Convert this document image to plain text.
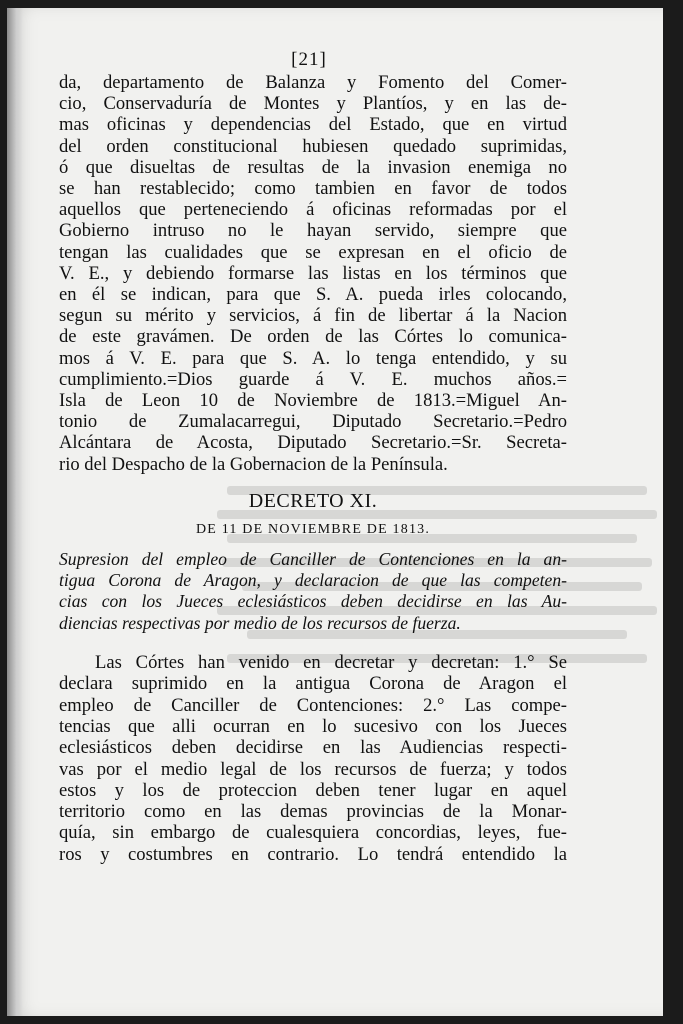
[21]

da, departamento de Balanza y Fomento del Comer-

cio, Conservaduría de Montes y Plantíos, y en las de-

mas oficinas y dependencias del Estado, que en virtud

del orden constitucional hubiesen quedado suprimidas,

ó que disueltas de resultas de la invasion enemiga no

se han restablecido; como tambien en favor de todos

aquellos que perteneciendo á oficinas reformadas por el

Gobierno intruso no le hayan servido, siempre que

tengan las cualidades que se expresan en el oficio de

V. E., y debiendo formarse las listas en los términos que

en él se indican, para que S. A. pueda irles colocando,

segun su mérito y servicios, á fin de libertar á la Nacion

de este gravámen. De orden de las Córtes lo comunica-

mos á V. E. para que S. A. lo tenga entendido, y su

cumplimiento.=Dios guarde á V. E. muchos años.=

Isla de Leon 10 de Noviembre de 1813.=Miguel An-

tonio de Zumalacarregui, Diputado Secretario.=Pedro

Alcántara de Acosta, Diputado Secretario.=Sr. Secreta-

rio del Despacho de la Gobernacion de la Península.

DECRETO XI.
DE 11 DE NOVIEMBRE DE 1813.

Supresion del empleo de Canciller de Contenciones en la an-

tigua Corona de Aragon, y declaracion de que las competen-

cias con los Jueces eclesiásticos deben decidirse en las Au-

diencias respectivas por medio de los recursos de fuerza.

Las Córtes han venido en decretar y decretan: 1.° Se

declara suprimido en la antigua Corona de Aragon el

empleo de Canciller de Contenciones: 2.° Las compe-

tencias que alli ocurran en lo sucesivo con los Jueces

eclesiásticos deben decidirse en las Audiencias respecti-

vas por el medio legal de los recursos de fuerza; y todos

estos y los de proteccion deben tener lugar en aquel

territorio como en las demas provincias de la Monar-

quía, sin embargo de cualesquiera concordias, leyes, fue-

ros y costumbres en contrario. Lo tendrá entendido la
